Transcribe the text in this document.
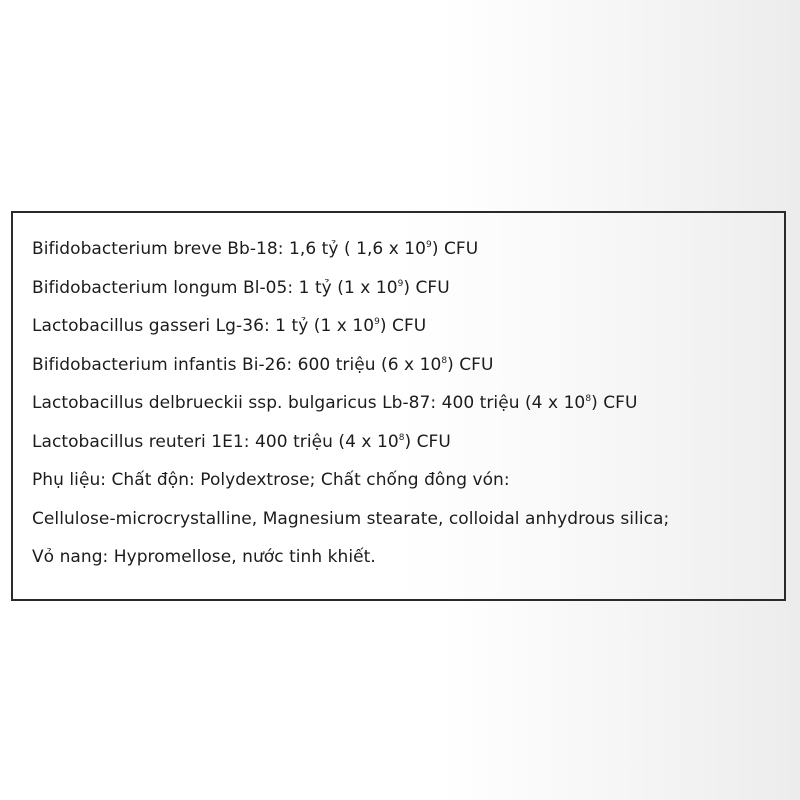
Bifidobacterium breve Bb-18: 1,6 tỷ ( 1,6 x $10^9$) CFU
Bifidobacterium longum Bl-05: 1 tỷ (1 x $10^9$) CFU
Lactobacillus gasseri Lg-36: 1 tỷ (1 x $10^9$) CFU
Bifidobacterium infantis Bi-26: 600 triệu (6 x $10^8$) CFU
Lactobacillus delbrueckii ssp. bulgaricus Lb-87: 400 triệu (4 x $10^8$) CFU
Lactobacillus reuteri 1E1: 400 triệu (4 x $10^8$) CFU
Phụ liệu: Chất độn: Polydextrose; Chất chống đông vón:
Cellulose-microcrystalline, Magnesium stearate, colloidal anhydrous silica;
Vỏ nang: Hypromellose, nước tinh khiết.
